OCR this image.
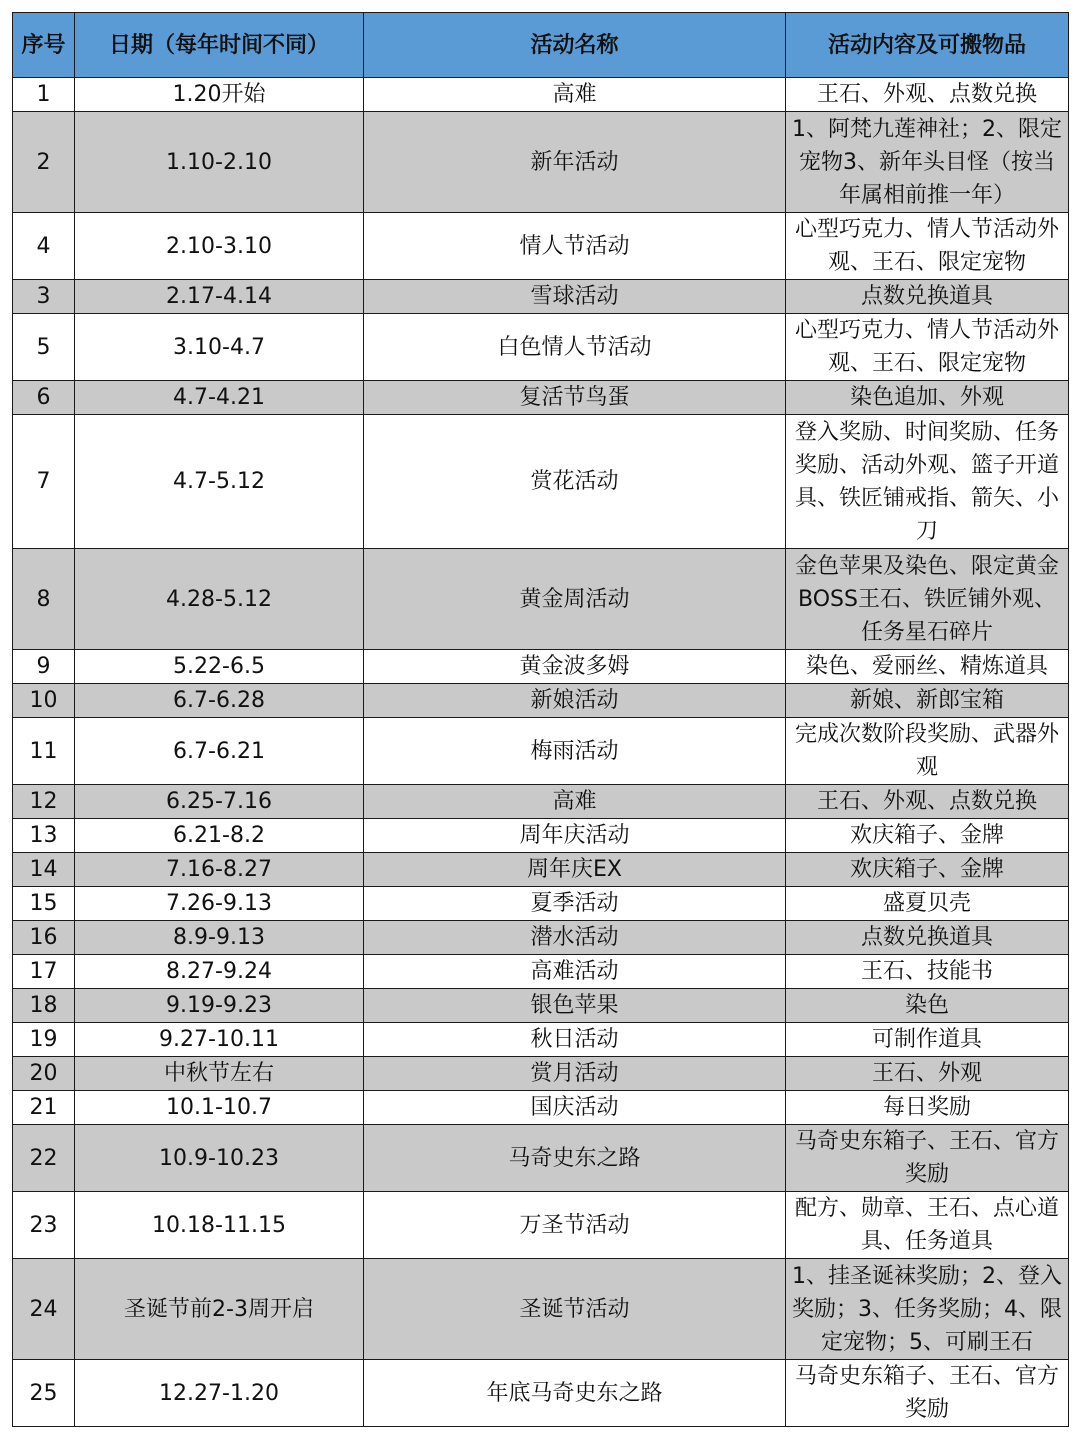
序号	日期（每年时间不同）	活动名称	活动内容及可搬物品
1	1.20开始	高难	王石、外观、点数兑换
2	1.10-2.10	新年活动	1、阿梵九莲神社；2、限定宠物3、新年头目怪（按当年属相前推一年）
4	2.10-3.10	情人节活动	心型巧克力、情人节活动外观、王石、限定宠物
3	2.17-4.14	雪球活动	点数兑换道具
5	3.10-4.7	白色情人节活动	心型巧克力、情人节活动外观、王石、限定宠物
6	4.7-4.21	复活节鸟蛋	染色追加、外观
7	4.7-5.12	赏花活动	登入奖励、时间奖励、任务奖励、活动外观、篮子开道具、铁匠铺戒指、箭矢、小刀
8	4.28-5.12	黄金周活动	金色苹果及染色、限定黄金BOSS王石、铁匠铺外观、任务星石碎片
9	5.22-6.5	黄金波多姆	染色、爱丽丝、精炼道具
10	6.7-6.28	新娘活动	新娘、新郎宝箱
11	6.7-6.21	梅雨活动	完成次数阶段奖励、武器外观
12	6.25-7.16	高难	王石、外观、点数兑换
13	6.21-8.2	周年庆活动	欢庆箱子、金牌
14	7.16-8.27	周年庆EX	欢庆箱子、金牌
15	7.26-9.13	夏季活动	盛夏贝壳
16	8.9-9.13	潜水活动	点数兑换道具
17	8.27-9.24	高难活动	王石、技能书
18	9.19-9.23	银色苹果	染色
19	9.27-10.11	秋日活动	可制作道具
20	中秋节左右	赏月活动	王石、外观
21	10.1-10.7	国庆活动	每日奖励
22	10.9-10.23	马奇史东之路	马奇史东箱子、王石、官方奖励
23	10.18-11.15	万圣节活动	配方、勋章、王石、点心道具、任务道具
24	圣诞节前2-3周开启	圣诞节活动	1、挂圣诞袜奖励；2、登入奖励；3、任务奖励；4、限定宠物；5、可刷王石
25	12.27-1.20	年底马奇史东之路	马奇史东箱子、王石、官方奖励
